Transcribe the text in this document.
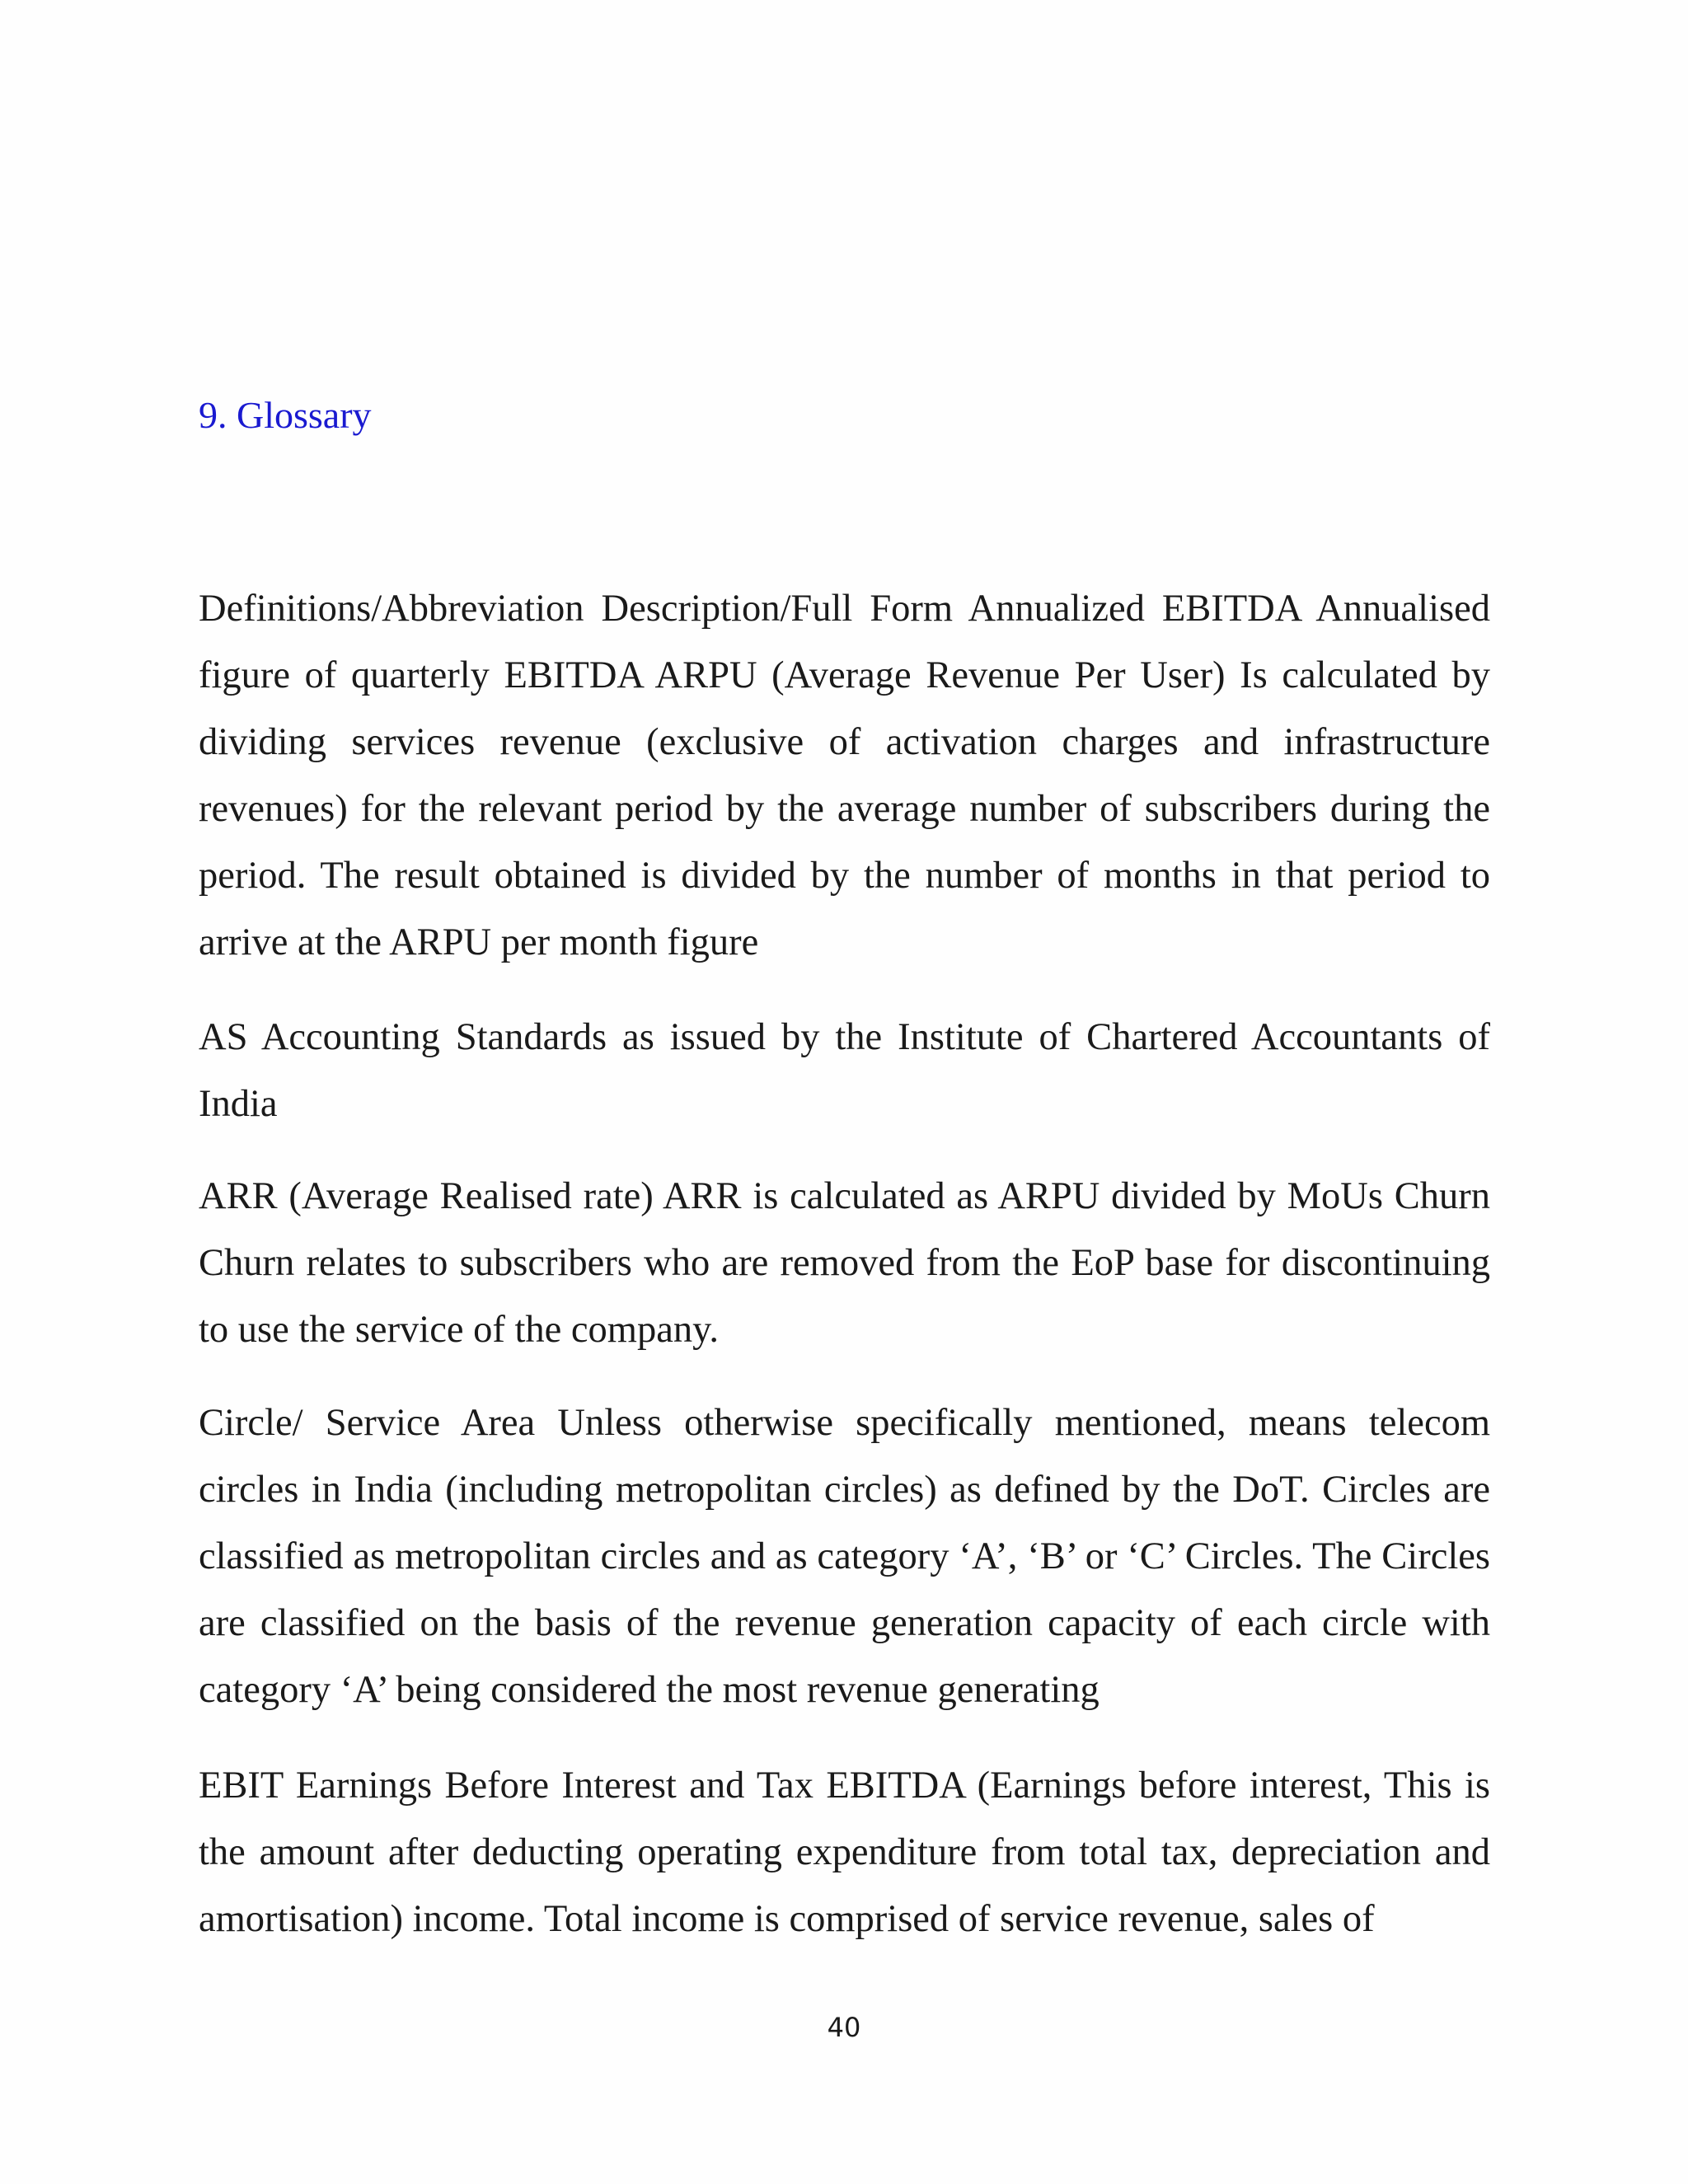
9. Glossary

Definitions/Abbreviation Description/Full Form Annualized EBITDA Annualised figure of quarterly EBITDA ARPU (Average Revenue Per User) Is calculated by dividing services revenue (exclusive of activation charges and infrastructure revenues) for the relevant period by the average number of subscribers during the period. The result obtained is divided by the number of months in that period to arrive at the ARPU per month figure

AS Accounting Standards as issued by the Institute of Chartered Accountants of India

ARR (Average Realised rate) ARR is calculated as ARPU divided by MoUs Churn Churn relates to subscribers who are removed from the EoP base for discontinuing to use the service of the company.

Circle/ Service Area Unless otherwise specifically mentioned, means telecom circles in India (including metropolitan circles) as defined by the DoT. Circles are classified as metropolitan circles and as category ‘A’, ‘B’ or ‘C’ Circles. The Circles are classified on the basis of the revenue generation capacity of each circle with category ‘A’ being considered the most revenue generating

EBIT Earnings Before Interest and Tax EBITDA (Earnings before interest, This is the amount after deducting operating expenditure from total tax, depreciation and amortisation) income. Total income is comprised of service revenue, sales of

40
